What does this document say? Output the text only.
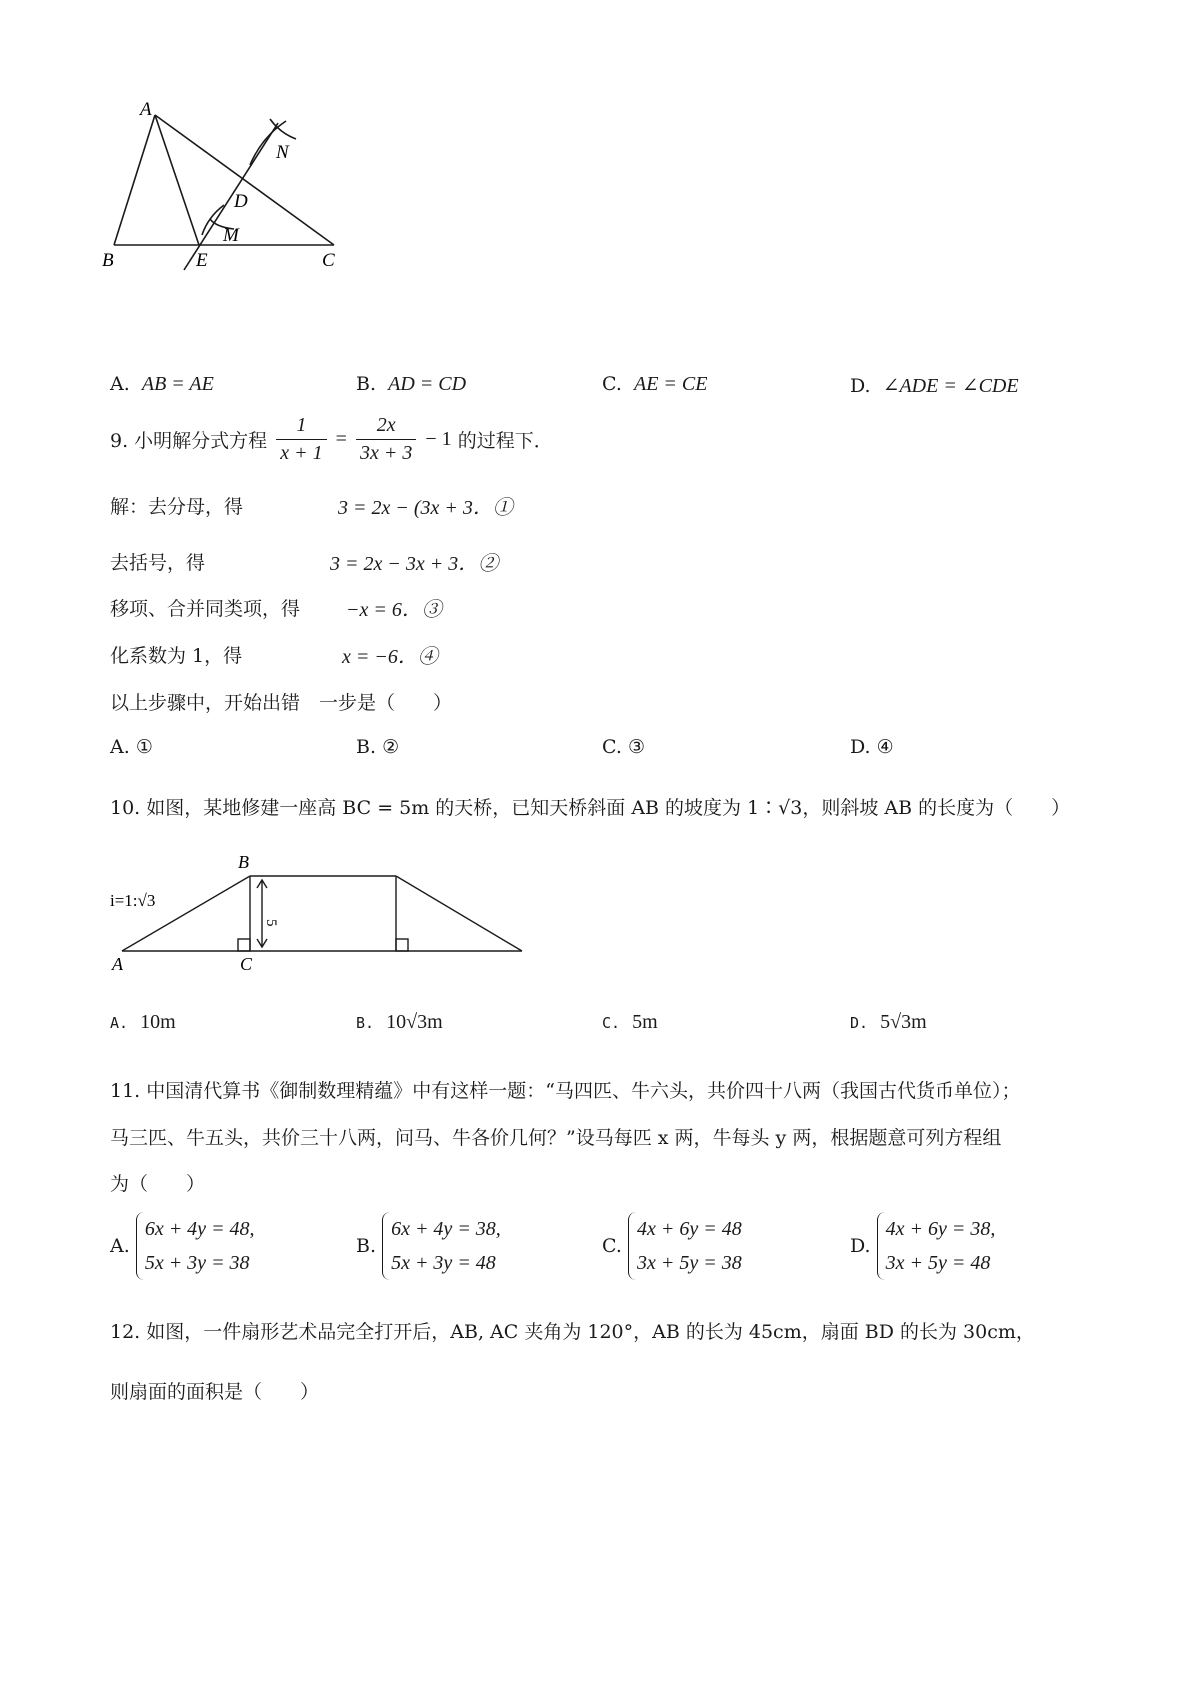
A
B	E	C
D
M
N
A. AB = AE	B. AD = CD	C. AE = CE	D. ∠ADE = ∠CDE
9. 小明解分式方程 $\frac{1}{x + 1} = \frac{2x}{3x + 3} - 1$ 的过程下．
解：去分母，得	3 = 2x − (3x + 3．①
去括号，得	3 = 2x − 3x + 3．②
移项、合并同类项，得 −x = 6．③
化系数为 1，得	x = −6．④
以上步骤中，开始出错　一步是（　　）
A. ①	B. ②	C. ③	D. ④
10. 如图，某地修建一座高 BC = 5m 的天桥，已知天桥斜面 AB 的坡度为 1∶√3，则斜坡 AB 的长度为（　　）
i=1:√3
5
B
A	C
A. 10m	B. 10√3m	C. 5m	D. 5√3m
11. 中国清代算书《御制数理精蕴》中有这样一题：“马四匹、牛六头，共价四十八两（我国古代货币单位）；
马三匹、牛五头，共价三十八两，问马、牛各价几何？”设马每匹 x 两，牛每头 y 两，根据题意可列方程组
为（　　）
A.
6x + 4y = 48,
5x + 3y = 38
B.
6x + 4y = 38,
5x + 3y = 48
C.
4x + 6y = 48
3x + 5y = 38
D.
4x + 6y = 38,
3x + 5y = 48
12. 如图，一件扇形艺术品完全打开后，AB, AC 夹角为 120°，AB 的长为 45cm，扇面 BD 的长为 30cm，
则扇面的面积是（　　）
